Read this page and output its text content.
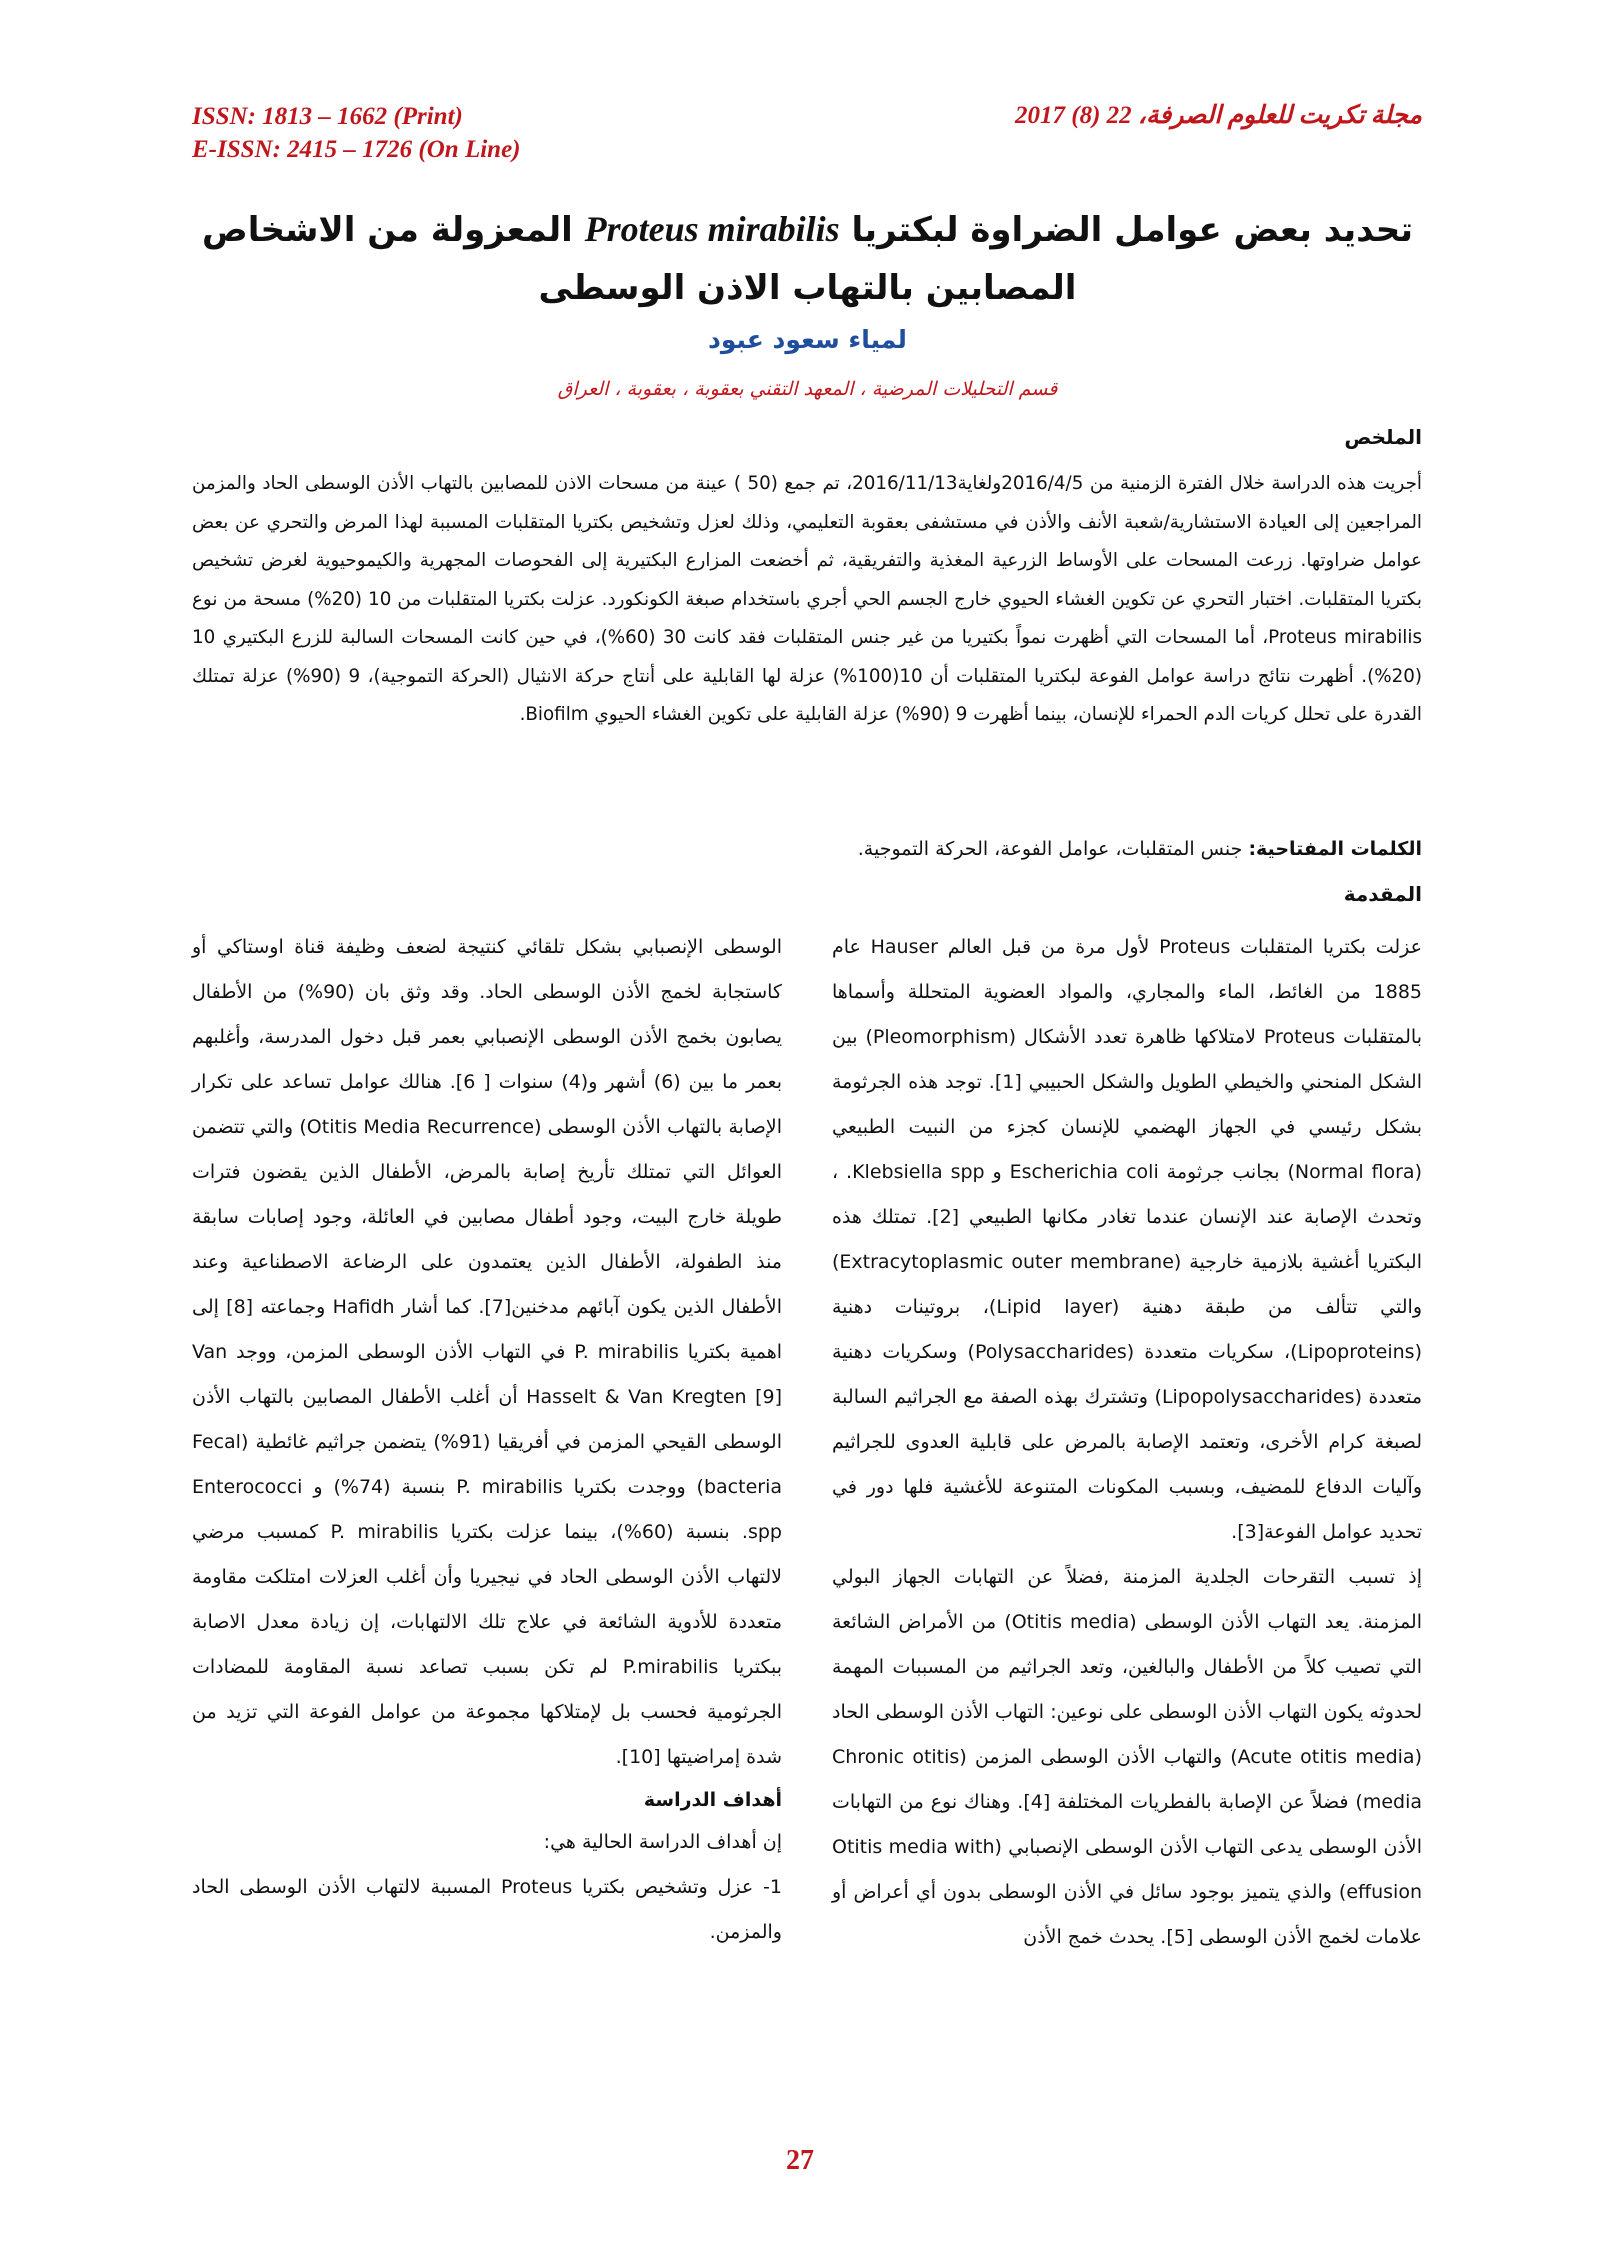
ISSN: 1813 – 1662 (Print)
E-ISSN: 2415 – 1726 (On Line)
مجلة تكريت للعلوم الصرفة، 22 (8) 2017
تحديد بعض عوامل الضراوة لبكتريا Proteus mirabilis المعزولة من الاشخاص المصابين بالتهاب الاذن الوسطى
لمياء سعود عبود
قسم التحليلات المرضية ، المعهد التقني بعقوبة ، بعقوبة ، العراق
الملخص
أجريت هذه الدراسة خلال الفترة الزمنية من 2016/4/5ولغاية2016/11/13، تم جمع (50 ) عينة من مسحات الاذن للمصابين بالتهاب الأذن الوسطى الحاد والمزمن المراجعين إلى العيادة الاستشارية/شعبة الأنف والأذن في مستشفى بعقوبة التعليمي، وذلك لعزل وتشخيص بكتريا المتقلبات المسببة لهذا المرض والتحري عن بعض عوامل ضراوتها. زرعت المسحات على الأوساط الزرعية المغذية والتفريقية، ثم أخضعت المزارع البكتيرية إلى الفحوصات المجهرية والكيموحيوية لغرض تشخيص بكتريا المتقلبات. اختبار التحري عن تكوين الغشاء الحيوي خارج الجسم الحي أجري باستخدام صبغة الكونكورد. عزلت بكتريا المتقلبات من 10 (20%) مسحة من نوع Proteus mirabilis، أما المسحات التي أظهرت نمواً بكتيريا من غير جنس المتقلبات فقد كانت 30 (60%)، في حين كانت المسحات السالبة للزرع البكتيري 10 (20%). أظهرت نتائج دراسة عوامل الفوعة لبكتريا المتقلبات أن 10(100%) عزلة لها القابلية على أنتاج حركة الانثيال (الحركة التموجية)، 9 (90%) عزلة تمتلك القدرة على تحلل كريات الدم الحمراء للإنسان، بينما أظهرت 9 (90%) عزلة القابلية على تكوين الغشاء الحيوي Biofilm.
الكلمات المفتاحية: جنس المتقلبات، عوامل الفوعة، الحركة التموجية.
المقدمة

عزلت بكتريا المتقلبات Proteus لأول مرة من قبل العالم Hauser عام 1885 من الغائط، الماء والمجاري، والمواد العضوية المتحللة وأسماها بالمتقلبات Proteus لامتلاكها ظاهرة تعدد الأشكال (Pleomorphism) بين الشكل المنحني والخيطي الطويل والشكل الحبيبي [1]. توجد هذه الجرثومة بشكل رئيسي في الجهاز الهضمي للإنسان كجزء من النبيت الطبيعي (Normal flora) بجانب جرثومة Escherichia coli و Klebsiella spp. ، وتحدث الإصابة عند الإنسان عندما تغادر مكانها الطبيعي [2]. تمتلك هذه البكتريا أغشية بلازمية خارجية (Extracytoplasmic outer membrane) والتي تتألف من طبقة دهنية (Lipid layer)، بروتينات دهنية (Lipoproteins)، سكريات متعددة (Polysaccharides) وسكريات دهنية متعددة (Lipopolysaccharides) وتشترك بهذه الصفة مع الجراثيم السالبة لصبغة كرام الأخرى، وتعتمد الإصابة بالمرض على قابلية العدوى للجراثيم وآليات الدفاع للمضيف، وبسبب المكونات المتنوعة للأغشية فلها دور في تحديد عوامل الفوعة[3].

إذ تسبب التقرحات الجلدية المزمنة ,فضلاً عن التهابات الجهاز البولي المزمنة. يعد التهاب الأذن الوسطى (Otitis media) من الأمراض الشائعة التي تصيب كلاً من الأطفال والبالغين، وتعد الجراثيم من المسببات المهمة لحدوثه يكون التهاب الأذن الوسطى على نوعين: التهاب الأذن الوسطى الحاد (Acute otitis media) والتهاب الأذن الوسطى المزمن (Chronic otitis media) فضلاً عن الإصابة بالفطريات المختلفة [4]. وهناك نوع من التهابات الأذن الوسطى يدعى التهاب الأذن الوسطى الإنصبابي (Otitis media with effusion) والذي يتميز بوجود سائل في الأذن الوسطى بدون أي أعراض أو علامات لخمج الأذن الوسطى [5]. يحدث خمج الأذن

الوسطى الإنصبابي بشكل تلقائي كنتيجة لضعف وظيفة قناة اوستاكي أو كاستجابة لخمج الأذن الوسطى الحاد. وقد وثق بان (90%) من الأطفال يصابون بخمج الأذن الوسطى الإنصبابي بعمر قبل دخول المدرسة، وأغلبهم بعمر ما بين (6) أشهر و(4) سنوات [ 6]. هنالك عوامل تساعد على تكرار الإصابة بالتهاب الأذن الوسطى (Otitis Media Recurrence) والتي تتضمن العوائل التي تمتلك تأريخ إصابة بالمرض، الأطفال الذين يقضون فترات طويلة خارج البيت، وجود أطفال مصابين في العائلة، وجود إصابات سابقة منذ الطفولة، الأطفال الذين يعتمدون على الرضاعة الاصطناعية وعند الأطفال الذين يكون آبائهم مدخنين[7]. كما أشار Hafidh وجماعته [8] إلى اهمية بكتريا P. mirabilis في التهاب الأذن الوسطى المزمن، ووجد Van Hasselt & Van Kregten [9] أن أغلب الأطفال المصابين بالتهاب الأذن الوسطى القيحي المزمن في أفريقيا (91%) يتضمن جراثيم غائطية (Fecal bacteria) ووجدت بكتريا P. mirabilis بنسبة (74%) و Enterococci spp. بنسبة (60%)، بينما عزلت بكتريا P. mirabilis كمسبب مرضي لالتهاب الأذن الوسطى الحاد في نيجيريا وأن أغلب العزلات امتلكت مقاومة متعددة للأدوية الشائعة في علاج تلك الالتهابات، إن زيادة معدل الاصابة ببكتريا P.mirabilis لم تكن بسبب تصاعد نسبة المقاومة للمضادات الجرثومية فحسب بل لإمتلاكها مجموعة من عوامل الفوعة التي تزيد من شدة إمراضيتها [10].

أهداف الدراسة

إن أهداف الدراسة الحالية هي:

1- عزل وتشخيص بكتريا Proteus المسببة لالتهاب الأذن الوسطى الحاد والمزمن.

27
